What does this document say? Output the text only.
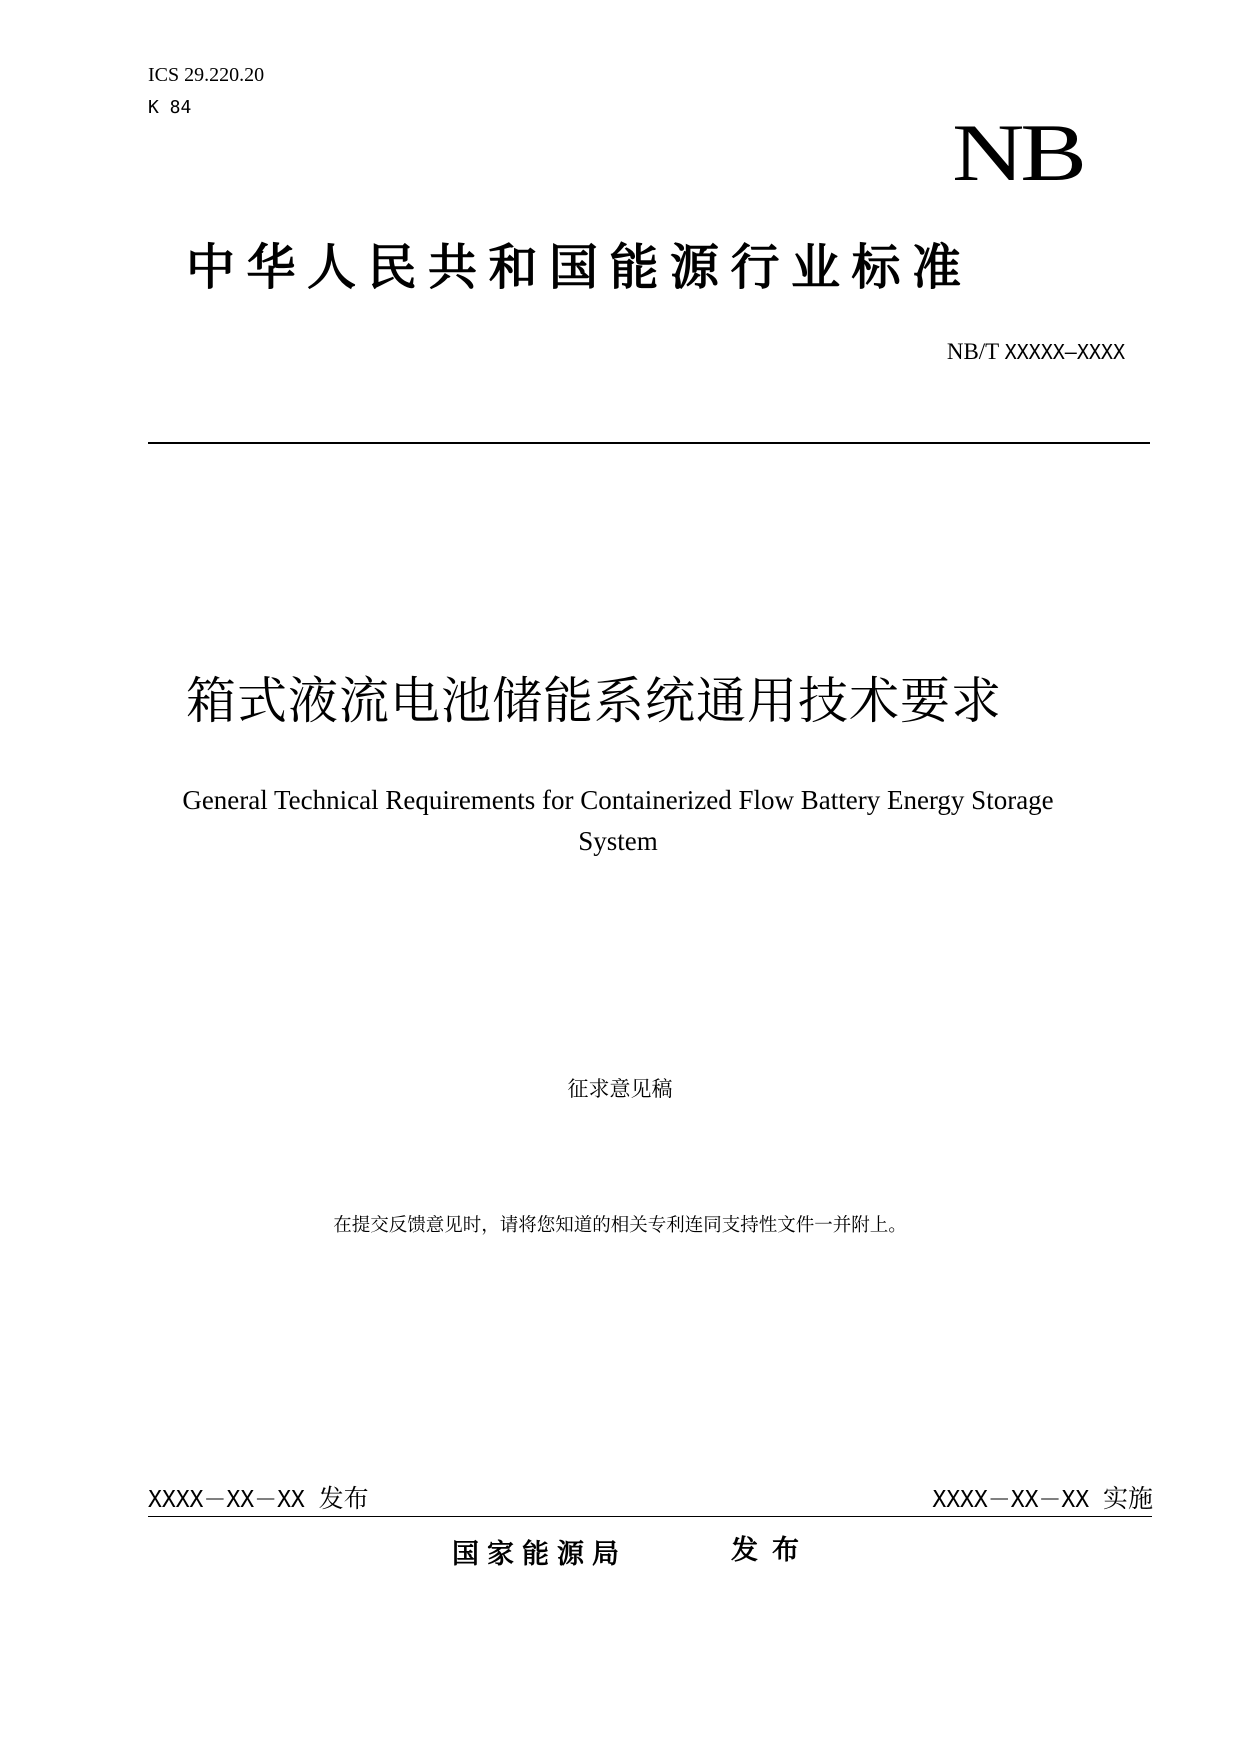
ICS 29.220.20
K 84	NB
中华人民共和国能源行业标准
NB/T XXXXX—XXXX
箱式液流电池储能系统通用技术要求
General Technical Requirements for Containerized Flow Battery Energy Storage System
征求意见稿
在提交反馈意见时，请将您知道的相关专利连同支持性文件一并附上。
XXXX－XX－XX 发布	XXXX－XX－XX 实施
国家能源局	发布
